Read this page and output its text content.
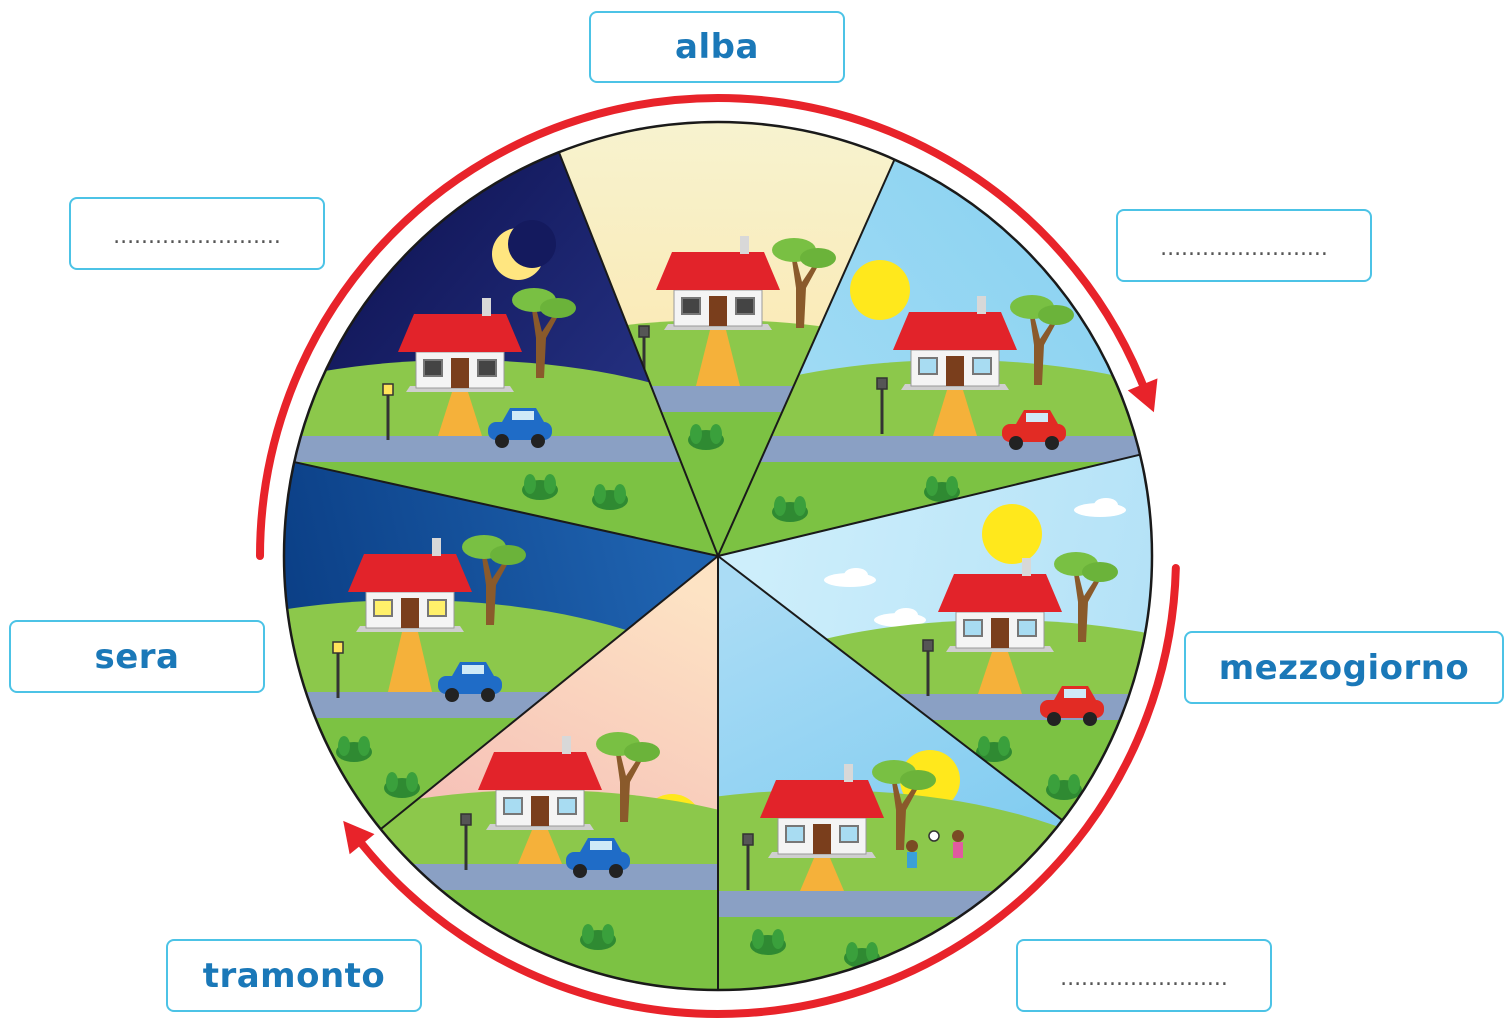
alba
........................
mezzogiorno
........................
tramonto
sera
........................
